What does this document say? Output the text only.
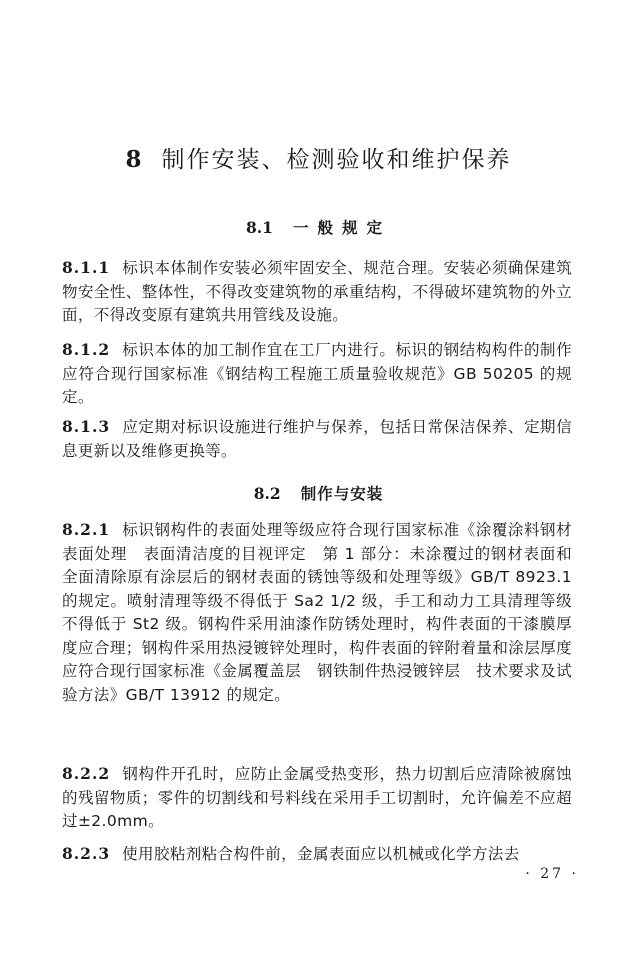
8 制作安装、检测验收和维护保养
8.1 一般规定
8.1.1 标识本体制作安装必须牢固安全、规范合理。安装必须确保建筑物安全性、整体性，不得改变建筑物的承重结构，不得破坏建筑物的外立面，不得改变原有建筑共用管线及设施。
8.1.2 标识本体的加工制作宜在工厂内进行。标识的钢结构构件的制作应符合现行国家标准《钢结构工程施工质量验收规范》GB 50205 的规定。
8.1.3 应定期对标识设施进行维护与保养，包括日常保洁保养、定期信息更新以及维修更换等。
8.2 制作与安装
8.2.1 标识钢构件的表面处理等级应符合现行国家标准《涂覆涂料钢材表面处理　表面清洁度的目视评定　第 1 部分：未涂覆过的钢材表面和全面清除原有涂层后的钢材表面的锈蚀等级和处理等级》GB/T 8923.1 的规定。喷射清理等级不得低于 Sa2 1/2 级，手工和动力工具清理等级不得低于 St2 级。钢构件采用油漆作防锈处理时，构件表面的干漆膜厚度应合理；钢构件采用热浸镀锌处理时，构件表面的锌附着量和涂层厚度应符合现行国家标准《金属覆盖层　钢铁制件热浸镀锌层　技术要求及试验方法》GB/T 13912 的规定。
8.2.2 钢构件开孔时，应防止金属受热变形，热力切割后应清除被腐蚀的残留物质；零件的切割线和号料线在采用手工切割时，允许偏差不应超过±2.0mm。
8.2.3 使用胶粘剂粘合构件前，金属表面应以机械或化学方法去
· 27 ·
